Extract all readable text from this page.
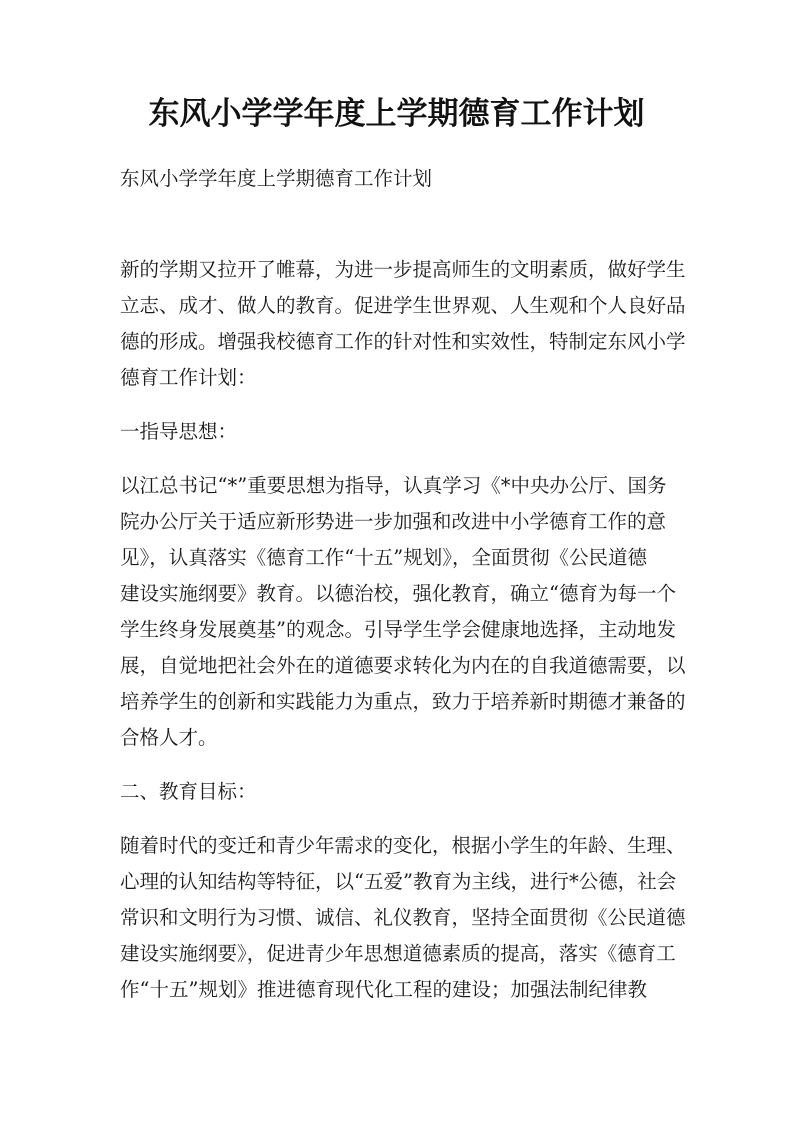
东风小学学年度上学期德育工作计划

东风小学学年度上学期德育工作计划

新的学期又拉开了帷幕，为进一步提高师生的文明素质，做好学生
立志、成才、做人的教育。促进学生世界观、人生观和个人良好品
德的形成。增强我校德育工作的针对性和实效性，特制定东风小学
德育工作计划：

一指导思想：

以江总书记“*”重要思想为指导，认真学习《*中央办公厅、国务
院办公厅关于适应新形势进一步加强和改进中小学德育工作的意
见》，认真落实《德育工作“十五”规划》，全面贯彻《公民道德
建设实施纲要》教育。以德治校，强化教育，确立“德育为每一个
学生终身发展奠基”的观念。引导学生学会健康地选择，主动地发
展，自觉地把社会外在的道德要求转化为内在的自我道德需要，以
培养学生的创新和实践能力为重点，致力于培养新时期德才兼备的
合格人才。

二、教育目标：

随着时代的变迁和青少年需求的变化，根据小学生的年龄、生理、
心理的认知结构等特征，以“五爱”教育为主线，进行*公德，社会
常识和文明行为习惯、诚信、礼仪教育，坚持全面贯彻《公民道德
建设实施纲要》，促进青少年思想道德素质的提高，落实《德育工
作“十五”规划》推进德育现代化工程的建设；加强法制纪律教
